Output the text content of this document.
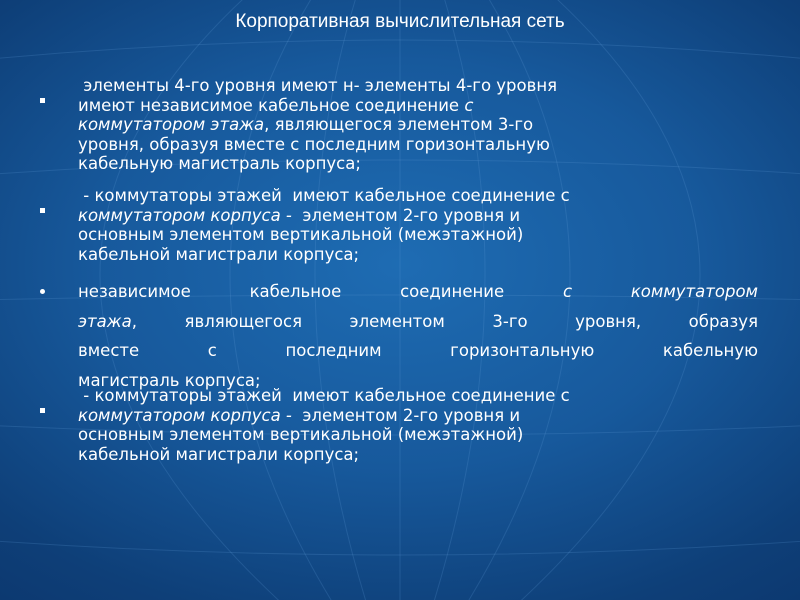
Корпоративная вычислительная сеть
элементы 4-го уровня имеют н- элементы 4-го уровня
имеют независимое кабельное соединение с
коммутатором этажа, являющегося элементом 3-го
уровня, образуя вместе с последним горизонтальную
кабельную магистраль корпуса;
- коммутаторы этажей  имеют кабельное соединение с
коммутатором корпуса -  элементом 2-го уровня и
основным элементом вертикальной (межэтажной)
кабельной магистрали корпуса;
независимое кабельное соединение с коммутатором
этажа, являющегося элементом 3-го уровня, образуя
вместе с последним горизонтальную кабельную
магистраль корпуса;
- коммутаторы этажей  имеют кабельное соединение с
коммутатором корпуса -  элементом 2-го уровня и
основным элементом вертикальной (межэтажной)
кабельной магистрали корпуса;
